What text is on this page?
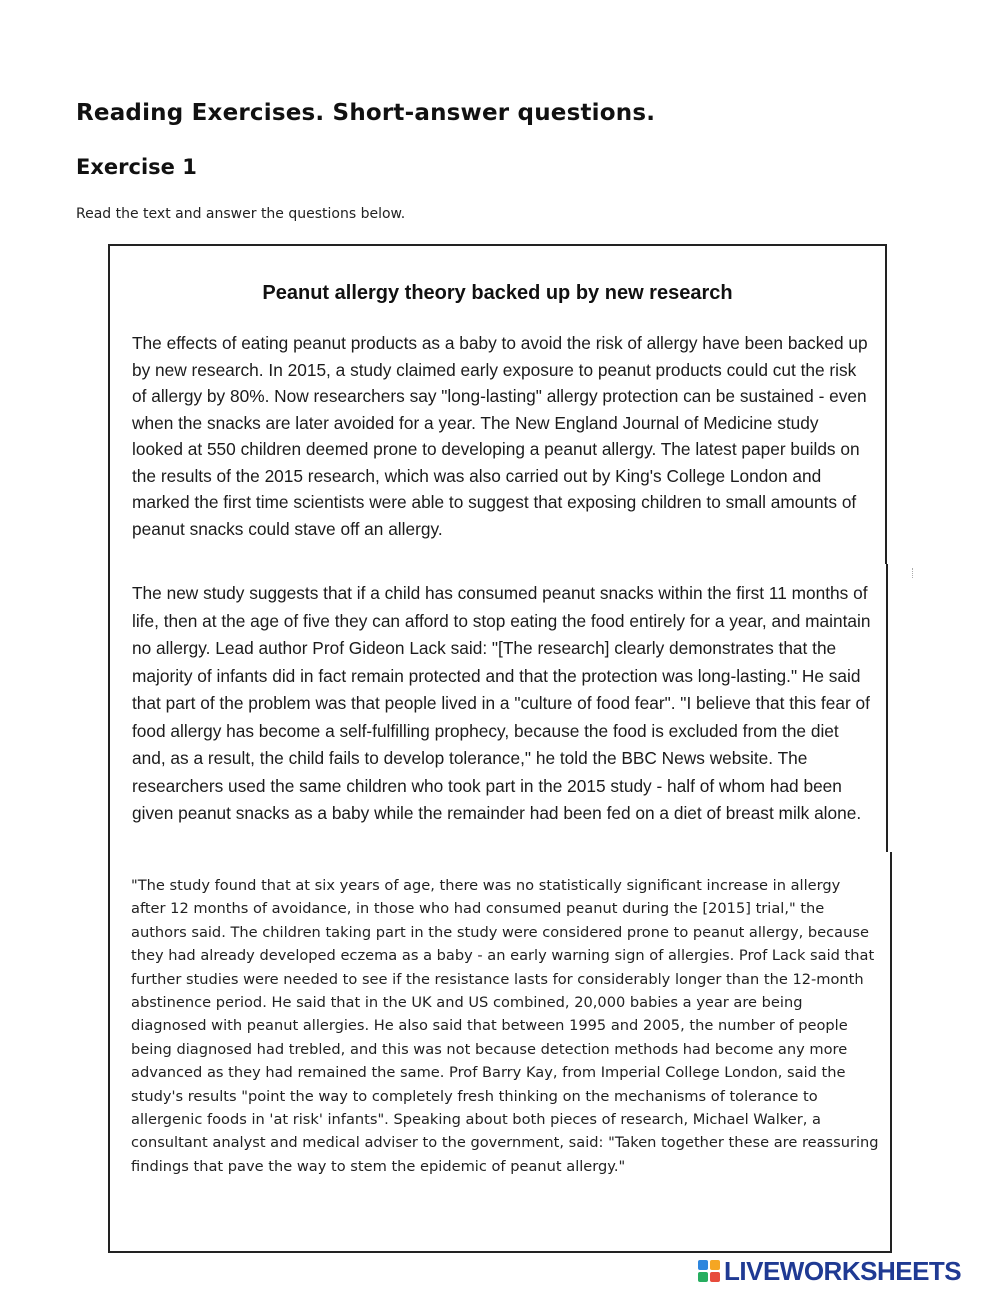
Reading Exercises. Short-answer questions.
Exercise 1

Read the text and answer the questions below.

Peanut allergy theory backed up by new research

The effects of eating peanut products as a baby to avoid the risk of allergy have been backed up by new research. In 2015, a study claimed early exposure to peanut products could cut the risk of allergy by 80%. Now researchers say "long-lasting" allergy protection can be sustained - even when the snacks are later avoided for a year. The New England Journal of Medicine study looked at 550 children deemed prone to developing a peanut allergy. The latest paper builds on the results of the 2015 research, which was also carried out by King's College London and marked the first time scientists were able to suggest that exposing children to small amounts of peanut snacks could stave off an allergy.

The new study suggests that if a child has consumed peanut snacks within the first 11 months of life, then at the age of five they can afford to stop eating the food entirely for a year, and maintain no allergy. Lead author Prof Gideon Lack said: "[The research] clearly demonstrates that the majority of infants did in fact remain protected and that the protection was long-lasting." He said that part of the problem was that people lived in a "culture of food fear". "I believe that this fear of food allergy has become a self-fulfilling prophecy, because the food is excluded from the diet and, as a result, the child fails to develop tolerance," he told the BBC News website. The researchers used the same children who took part in the 2015 study - half of whom had been given peanut snacks as a baby while the remainder had been fed on a diet of breast milk alone.

"The study found that at six years of age, there was no statistically significant increase in allergy after 12 months of avoidance, in those who had consumed peanut during the [2015] trial," the authors said. The children taking part in the study were considered prone to peanut allergy, because they had already developed eczema as a baby - an early warning sign of allergies. Prof Lack said that further studies were needed to see if the resistance lasts for considerably longer than the 12-month abstinence period. He said that in the UK and US combined, 20,000 babies a year are being diagnosed with peanut allergies. He also said that between 1995 and 2005, the number of people being diagnosed had trebled, and this was not because detection methods had become any more advanced as they had remained the same. Prof Barry Kay, from Imperial College London, said the study's results "point the way to completely fresh thinking on the mechanisms of tolerance to allergenic foods in 'at risk' infants". Speaking about both pieces of research, Michael Walker, a consultant analyst and medical adviser to the government, said: "Taken together these are reassuring findings that pave the way to stem the epidemic of peanut allergy."

LIVEWORKSHEETS
